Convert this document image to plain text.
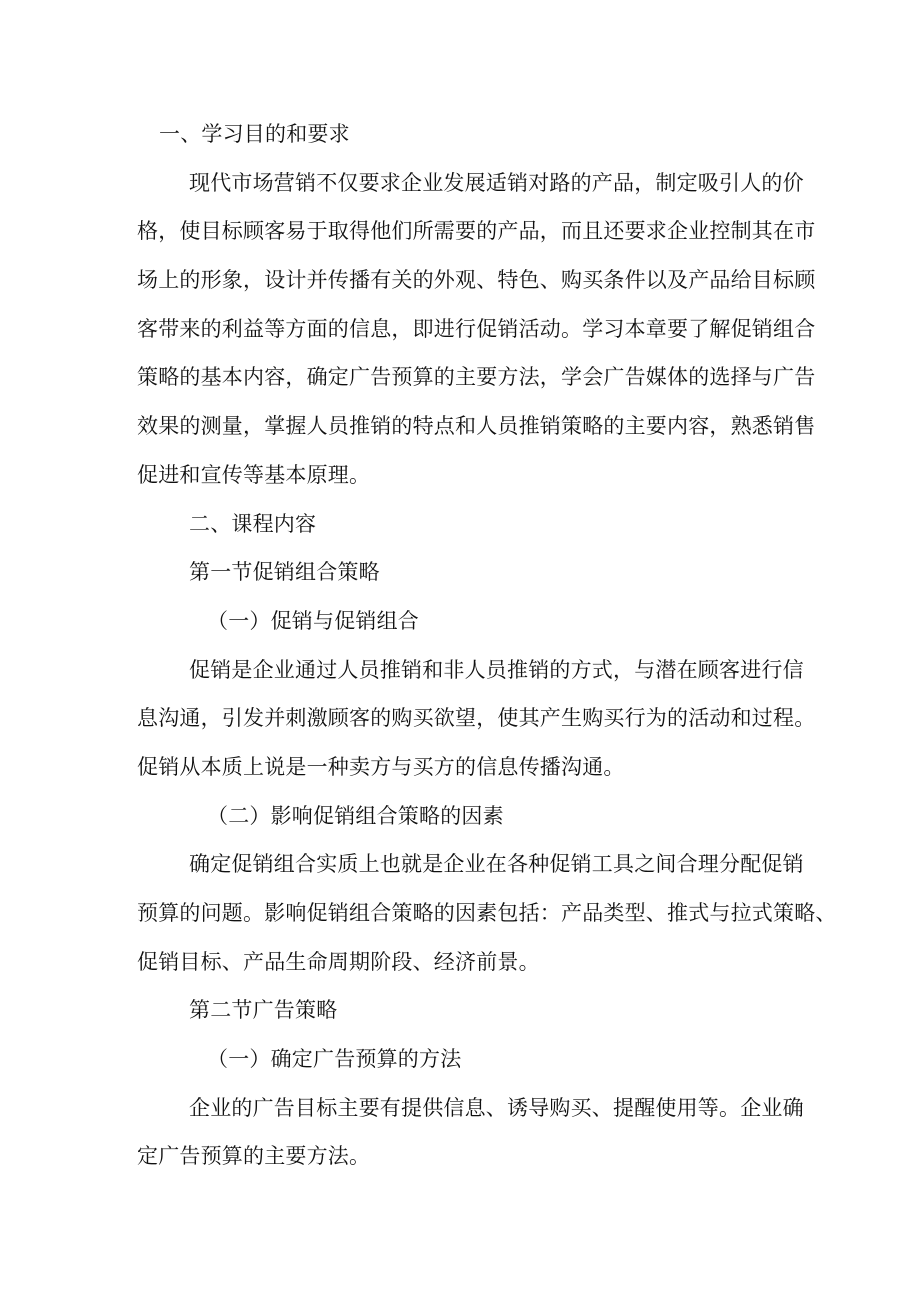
一、学习目的和要求
现代市场营销不仅要求企业发展适销对路的产品，制定吸引人的价
格，使目标顾客易于取得他们所需要的产品，而且还要求企业控制其在市
场上的形象，设计并传播有关的外观、特色、购买条件以及产品给目标顾
客带来的利益等方面的信息，即进行促销活动。学习本章要了解促销组合
策略的基本内容，确定广告预算的主要方法，学会广告媒体的选择与广告
效果的测量，掌握人员推销的特点和人员推销策略的主要内容，熟悉销售
促进和宣传等基本原理。
二、课程内容
第一节促销组合策略
（一）促销与促销组合
促销是企业通过人员推销和非人员推销的方式，与潜在顾客进行信
息沟通，引发并刺激顾客的购买欲望，使其产生购买行为的活动和过程。
促销从本质上说是一种卖方与买方的信息传播沟通。
（二）影响促销组合策略的因素
确定促销组合实质上也就是企业在各种促销工具之间合理分配促销
预算的问题。影响促销组合策略的因素包括：产品类型、推式与拉式策略、
促销目标、产品生命周期阶段、经济前景。
第二节广告策略
（一）确定广告预算的方法
企业的广告目标主要有提供信息、诱导购买、提醒使用等。企业确
定广告预算的主要方法。
